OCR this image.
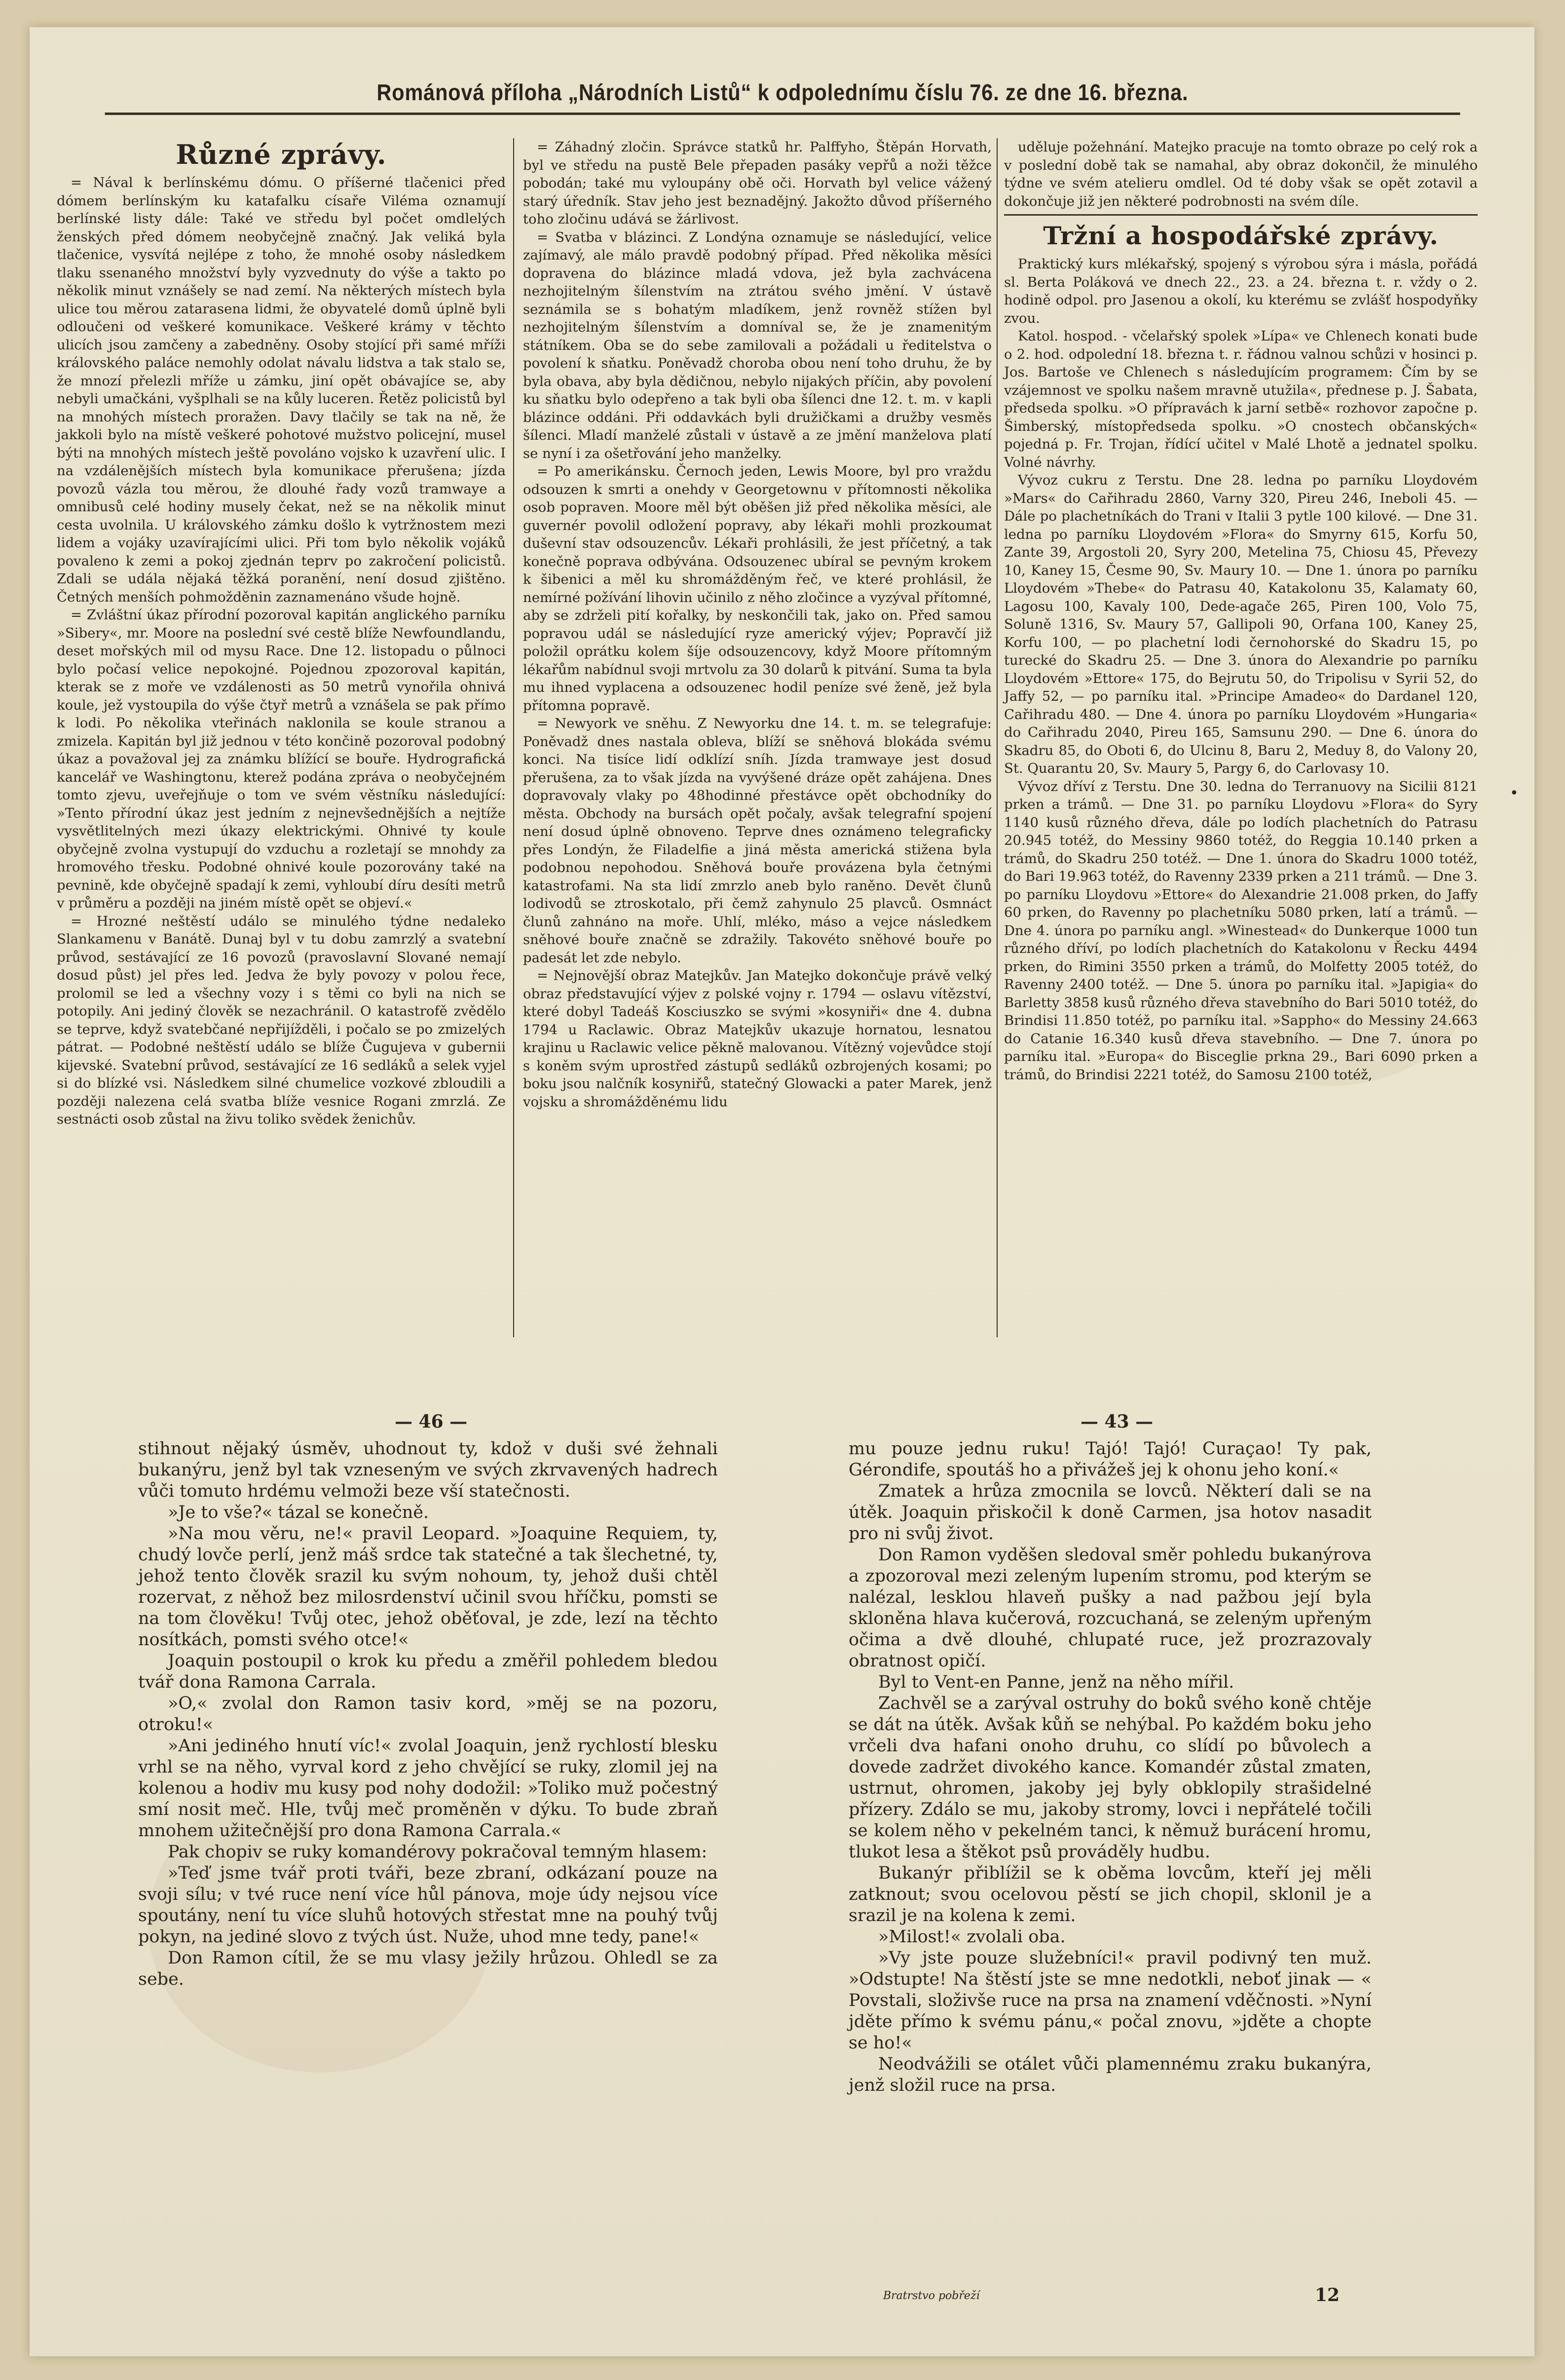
Románová příloha „Národních Listů“ k odpolednímu číslu 76. ze dne 16. března.
Různé zprávy.

= Nával k berlínskému dómu. O příšerné tlačenici před dómem berlínským ku katafalku císaře Viléma oznamují berlínské listy dále: Také ve středu byl počet omdlelých ženských před dómem neobyčejně značný. Jak veliká byla tlačenice, vysvítá nejlépe z toho, že mnohé osoby následkem tlaku ssenaného množství byly vyzvednuty do výše a takto po několik minut vznášely se nad zemí. Na některých místech byla ulice tou měrou zatarasena lidmi, že obyvatelé domů úplně byli odloučeni od veškeré komunikace. Veškeré krámy v těchto ulicích jsou zamčeny a zabedněny. Osoby stojící při samé mříži královského paláce nemohly odolat návalu lidstva a tak stalo se, že mnozí přelezli mříže u zámku, jiní opět obávajíce se, aby nebyli umačkáni, vyšplhali se na kůly luceren. Řetěz policistů byl na mnohých místech proražen. Davy tlačily se tak na ně, že jakkoli bylo na místě veškeré pohotové mužstvo policejní, musel býti na mnohých místech ještě povoláno vojsko k uzavření ulic. I na vzdálenějších místech byla komunikace přerušena; jízda povozů vázla tou měrou, že dlouhé řady vozů tramwaye a omnibusů celé hodiny musely čekat, než se na několik minut cesta uvolnila. U královského zámku došlo k vytržnostem mezi lidem a vojáky uzavírajícími ulici. Při tom bylo několik vojáků povaleno k zemi a pokoj zjednán teprv po zakročení policistů. Zdali se udála nějaká těžká poranění, není dosud zjištěno. Četných menších pohmožděnin zaznamenáno všude hojně.

= Zvláštní úkaz přírodní pozoroval kapitán anglického parníku »Sibery«, mr. Moore na poslední své cestě blíže Newfoundlandu, deset mořských mil od mysu Race. Dne 12. listopadu o půlnoci bylo počasí velice nepokojné. Pojednou zpozoroval kapitán, kterak se z moře ve vzdálenosti as 50 metrů vynořila ohnivá koule, jež vystoupila do výše čtyř metrů a vznášela se pak přímo k lodi. Po několika vteřinách naklonila se koule stranou a zmizela. Kapitán byl již jednou v této končině pozoroval podobný úkaz a považoval jej za známku blížící se bouře. Hydrografická kancelář ve Washingtonu, kterež podána zpráva o neobyčejném tomto zjevu, uveřejňuje o tom ve svém věstníku následující: »Tento přírodní úkaz jest jedním z nejnevšednějších a nejtíže vysvětlitelných mezi úkazy elektrickými. Ohnivé ty koule obyčejně zvolna vystupují do vzduchu a rozletají se mnohdy za hromového třesku. Podobné ohnivé koule pozorovány také na pevnině, kde obyčejně spadají k zemi, vyhloubí díru desíti metrů v průměru a později na jiném místě opět se objeví.«

= Hrozné neštěstí událo se minulého týdne nedaleko Slankamenu v Banátě. Dunaj byl v tu dobu zamrzlý a svatební průvod, sestávající ze 16 povozů (pravoslavní Slované nemají dosud půst) jel přes led. Jedva že byly povozy v polou řece, prolomil se led a všechny vozy i s těmi co byli na nich se potopily. Ani jediný člověk se nezachránil. O katastrofě zvědělo se teprve, když svatebčané nepřijížděli, i počalo se po zmizelých pátrat. — Podobné neštěstí událo se blíže Čugujeva v gubernii kijevské. Svatební průvod, sestávající ze 16 sedláků a selek vyjel si do blízké vsi. Následkem silné chumelice vozkové zbloudili a později nalezena celá svatba blíže vesnice Rogani zmrzlá. Ze sestnácti osob zůstal na živu toliko svědek ženichův.

= Záhadný zločin. Správce statků hr. Palffyho, Štěpán Horvath, byl ve středu na pustě Bele přepaden pasáky vepřů a noži těžce pobodán; také mu vyloupány obě oči. Horvath byl velice vážený starý úředník. Stav jeho jest beznadějný. Jakožto důvod příšerného toho zločinu udává se žárlivost.

= Svatba v blázinci. Z Londýna oznamuje se následující, velice zajímavý, ale málo pravdě podobný případ. Před několika měsíci dopravena do blázince mladá vdova, jež byla zachvácena nezhojitelným šílenstvím na ztrátou svého jmění. V ústavě seznámila se s bohatým mladíkem, jenž rovněž stížen byl nezhojitelným šílenstvím a domníval se, že je znamenitým státníkem. Oba se do sebe zamilovali a požádali u ředitelstva o povolení k sňatku. Poněvadž choroba obou není toho druhu, že by byla obava, aby byla dědičnou, nebylo nijakých příčin, aby povolení ku sňatku bylo odepřeno a tak byli oba šílenci dne 12. t. m. v kapli blázince oddáni. Při oddavkách byli družičkami a družby vesměs šílenci. Mladí manželé zůstali v ústavě a ze jmění manželova platí se nyní i za ošetřování jeho manželky.

= Po amerikánsku. Černoch jeden, Lewis Moore, byl pro vraždu odsouzen k smrti a onehdy v Georgetownu v přítomnosti několika osob popraven. Moore měl být oběšen již před několika měsíci, ale guvernér povolil odložení popravy, aby lékaři mohli prozkoumat duševní stav odsouzencův. Lékaři prohlásili, že jest příčetný, a tak konečně poprava odbývána. Odsouzenec ubíral se pevným krokem k šibenici a měl ku shromážděným řeč, ve které prohlásil, že nemírné požívání lihovin učinilo z něho zločince a vyzýval přítomné, aby se zdrželi pití kořalky, by neskončili tak, jako on. Před samou popravou udál se následující ryze americký výjev; Popravčí již položil oprátku kolem šíje odsouzencovy, když Moore přítomným lékařům nabídnul svoji mrtvolu za 30 dolarů k pitvání. Suma ta byla mu ihned vyplacena a odsouzenec hodil peníze své ženě, jež byla přítomna popravě.

= Newyork ve sněhu. Z Newyorku dne 14. t. m. se telegrafuje: Poněvadž dnes nastala obleva, blíží se sněhová blokáda svému konci. Na tisíce lidí odklízí sníh. Jízda tramwaye jest dosud přerušena, za to však jízda na vyvýšené dráze opět zahájena. Dnes dopravovaly vlaky po 48hodinné přestávce opět obchodníky do města. Obchody na bursách opět počaly, avšak telegrafní spojení není dosud úplně obnoveno. Teprve dnes oznámeno telegraficky přes Londýn, že Filadelfie a jiná města americká stižena byla podobnou nepohodou. Sněhová bouře provázena byla četnými katastrofami. Na sta lidí zmrzlo aneb bylo raněno. Devět člunů lodivodů se ztroskotalo, při čemž zahynulo 25 plavců. Osmnáct člunů zahnáno na moře. Uhlí, mléko, máso a vejce následkem sněhové bouře značně se zdražily. Takovéto sněhové bouře po padesát let zde nebylo.

= Nejnovější obraz Matejkův. Jan Matejko dokončuje právě velký obraz představující výjev z polské vojny r. 1794 — oslavu vítězství, které dobyl Tadeáš Kosciuszko se svými »kosyniři« dne 4. dubna 1794 u Raclawic. Obraz Matejkův ukazuje hornatou, lesnatou krajinu u Raclawic velice pěkně malovanou. Vítězný vojevůdce stojí s koněm svým uprostřed zástupů sedláků ozbrojených kosami; po boku jsou nalčník kosyniřů, statečný Glowacki a pater Marek, jenž vojsku a shromážděnému lidu

uděluje požehnání. Matejko pracuje na tomto obraze po celý rok a v poslední době tak se namahal, aby obraz dokončil, že minulého týdne ve svém atelieru omdlel. Od té doby však se opět zotavil a dokončuje již jen některé podrobnosti na svém díle.

Tržní a hospodářské zprávy.

Praktický kurs mlékařský, spojený s výrobou sýra i másla, pořádá sl. Berta Poláková ve dnech 22., 23. a 24. března t. r. vždy o 2. hodině odpol. pro Jasenou a okolí, ku kterému se zvlášť hospodyňky zvou.

Katol. hospod. - včelařský spolek »Lípa« ve Chlenech konati bude o 2. hod. odpolední 18. března t. r. řádnou valnou schůzi v hosinci p. Jos. Bartoše ve Chlenech s následujícím programem: Čím by se vzájemnost ve spolku našem mravně utužila«, přednese p. J. Šabata, předseda spolku. »O přípravách k jarní setbě« rozhovor započne p. Šimberský, místopředseda spolku. »O cnostech občanských« pojedná p. Fr. Trojan, řídící učitel v Malé Lhotě a jednatel spolku. Volné návrhy.

Vývoz cukru z Terstu. Dne 28. ledna po parníku Lloydovém »Mars« do Cařihradu 2860, Varny 320, Pireu 246, Ineboli 45. — Dále po plachetníkách do Trani v Italii 3 pytle 100 kilové. — Dne 31. ledna po parníku Lloydovém »Flora« do Smyrny 615, Korfu 50, Zante 39, Argostoli 20, Syry 200, Metelina 75, Chiosu 45, Převezy 10, Kaney 15, Česme 90, Sv. Maury 10. — Dne 1. února po parníku Lloydovém »Thebe« do Patrasu 40, Katakolonu 35, Kalamaty 60, Lagosu 100, Kavaly 100, Dede-agače 265, Piren 100, Volo 75, Soluně 1316, Sv. Maury 57, Gallipoli 90, Orfana 100, Kaney 25, Korfu 100, — po plachetní lodi černohorské do Skadru 15, po turecké do Skadru 25. — Dne 3. února do Alexandrie po parníku Lloydovém »Ettore« 175, do Bejrutu 50, do Tripolisu v Syrii 52, do Jaffy 52, — po parníku ital. »Principe Amadeo« do Dardanel 120, Cařihradu 480. — Dne 4. února po parníku Lloydovém »Hungaria« do Cařihradu 2040, Pireu 165, Samsunu 290. — Dne 6. února do Skadru 85, do Oboti 6, do Ulcinu 8, Baru 2, Meduy 8, do Valony 20, St. Quarantu 20, Sv. Maury 5, Pargy 6, do Carlovasy 10.

Vývoz dříví z Terstu. Dne 30. ledna do Terranuovy na Sicilii 8121 prken a trámů. — Dne 31. po parníku Lloydovu »Flora« do Syry 1140 kusů různého dřeva, dále po lodích plachetních do Patrasu 20.945 totéž, do Messiny 9860 totéž, do Reggia 10.140 prken a trámů, do Skadru 250 totéž. — Dne 1. února do Skadru 1000 totéž, do Bari 19.963 totéž, do Ravenny 2339 prken a 211 trámů. — Dne 3. po parníku Lloydovu »Ettore« do Alexandrie 21.008 prken, do Jaffy 60 prken, do Ravenny po plachetníku 5080 prken, latí a trámů. — Dne 4. února po parníku angl. »Winestead« do Dunkerque 1000 tun různého dříví, po lodích plachetních do Katakolonu v Řecku 4494 prken, do Rimini 3550 prken a trámů, do Molfetty 2005 totéž, do Ravenny 2400 totéž. — Dne 5. února po parníku ital. »Japigia« do Barletty 3858 kusů různého dřeva stavebního do Bari 5010 totéž, do Brindisi 11.850 totéž, po parníku ital. »Sappho« do Messiny 24.663 do Catanie 16.340 kusů dřeva stavebního. — Dne 7. února po parníku ital. »Europa« do Bisceglie prkna 29., Bari 6090 prken a trámů, do Brindisi 2221 totéž, do Samosu 2100 totéž,

•
— 46 —	— 43 —

stihnout nějaký úsměv, uhodnout ty, kdož v duši své žehnali bukanýru, jenž byl tak vzneseným ve svých zkrvavených hadrech vůči tomuto hrdému velmoži beze vší statečnosti.

»Je to vše?« tázal se konečně.

»Na mou věru, ne!« pravil Leopard. »Joaquine Requiem, ty, chudý lovče perlí, jenž máš srdce tak statečné a tak šlechetné, ty, jehož tento člověk srazil ku svým nohoum, ty, jehož duši chtěl rozervat, z něhož bez milosrdenství učinil svou hříčku, pomsti se na tom člověku! Tvůj otec, jehož oběťoval, je zde, lezí na těchto nosítkách, pomsti svého otce!«

Joaquin postoupil o krok ku předu a změřil pohledem bledou tvář dona Ramona Carrala.

»O,« zvolal don Ramon tasiv kord, »měj se na pozoru, otroku!«

»Ani jediného hnutí víc!« zvolal Joaquin, jenž rychlostí blesku vrhl se na něho, vyrval kord z jeho chvějící se ruky, zlomil jej na kolenou a hodiv mu kusy pod nohy dodožil: »Toliko muž počestný smí nosit meč. Hle, tvůj meč proměněn v dýku. To bude zbraň mnohem užitečnější pro dona Ramona Carrala.«

Pak chopiv se ruky komandérovy pokračoval temným hlasem:

»Teď jsme tvář proti tváři, beze zbraní, odkázaní pouze na svoji sílu; v tvé ruce není více hůl pánova, moje údy nejsou více spoutány, není tu více sluhů hotových střestat mne na pouhý tvůj pokyn, na jediné slovo z tvých úst. Nuže, uhod mne tedy, pane!«

Don Ramon cítil, že se mu vlasy ježily hrůzou. Ohledl se za sebe.

mu pouze jednu ruku! Tajó! Tajó! Curaçao! Ty pak, Gérondife, spoutáš ho a přivážeš jej k ohonu jeho koní.«

Zmatek a hrůza zmocnila se lovců. Některí dali se na útěk. Joaquin přiskočil k doně Carmen, jsa hotov nasadit pro ni svůj život.

Don Ramon vyděšen sledoval směr pohledu bukanýrova a zpozoroval mezi zeleným lupením stromu, pod kterým se nalézal, lesklou hlaveň pušky a nad pažbou její byla skloněna hlava kučerová, rozcuchaná, se zeleným upřeným očima a dvě dlouhé, chlupaté ruce, jež prozrazovaly obratnost opičí.

Byl to Vent-en Panne, jenž na něho mířil.

Zachvěl se a zarýval ostruhy do boků svého koně chtěje se dát na útěk. Avšak kůň se nehýbal. Po každém boku jeho vrčeli dva hafani onoho druhu, co slídí po bůvolech a dovede zadržet divokého kance. Komandér zůstal zmaten, ustrnut, ohromen, jakoby jej byly obklopily strašidelné přízery. Zdálo se mu, jakoby stromy, lovci i nepřátelé točili se kolem něho v pekelném tanci, k němuž burácení hromu, tlukot lesa a štěkot psů prováděly hudbu.

Bukanýr přiblížil se k oběma lovcům, kteří jej měli zatknout; svou ocelovou pěstí se jich chopil, sklonil je a srazil je na kolena k zemi.

»Milost!« zvolali oba.

»Vy jste pouze služebníci!« pravil podivný ten muž. »Odstupte! Na štěstí jste se mne nedotkli, neboť jinak — « Povstali, složivše ruce na prsa na znamení vděčnosti. »Nyní jděte přímo k svému pánu,« počal znovu, »jděte a chopte se ho!«

Neodvážili se otálet vůči plamennému zraku bukanýra, jenž složil ruce na prsa.

Bratrstvo pobřeží	12
